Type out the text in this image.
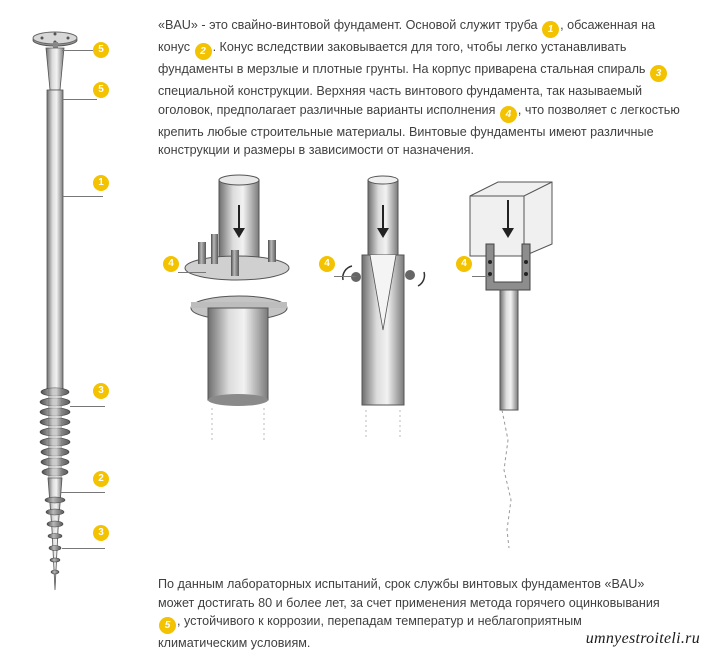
5
5
1
3
2
3
4	4	4
«BAU» - это свайно-винтовой фундамент. Основой служит труба 1 , обсаженная на конус 2 . Конус вследствии заковывается для того, чтобы легко устанавливать фундаменты в мерзлые и плотные грунты. На корпус приварена стальная спираль 3 специальной конструкции. Верхняя часть винтового фундамента, так называемый оголовок, предполагает различные варианты исполнения 4 , что позволяет с легкостью крепить любые строительные материалы. Винтовые фундаменты имеют различные конструкции и размеры в зависимости от назначения.
По данным лабораторных испытаний, срок службы винтовых фундаментов «BAU» может достигать 80 и более лет, за счет применения метода горячего оцинковывания 5 , устойчивого к коррозии, перепадам температур и неблагоприятным климатическим условиям.	umnyestroiteli.ru
